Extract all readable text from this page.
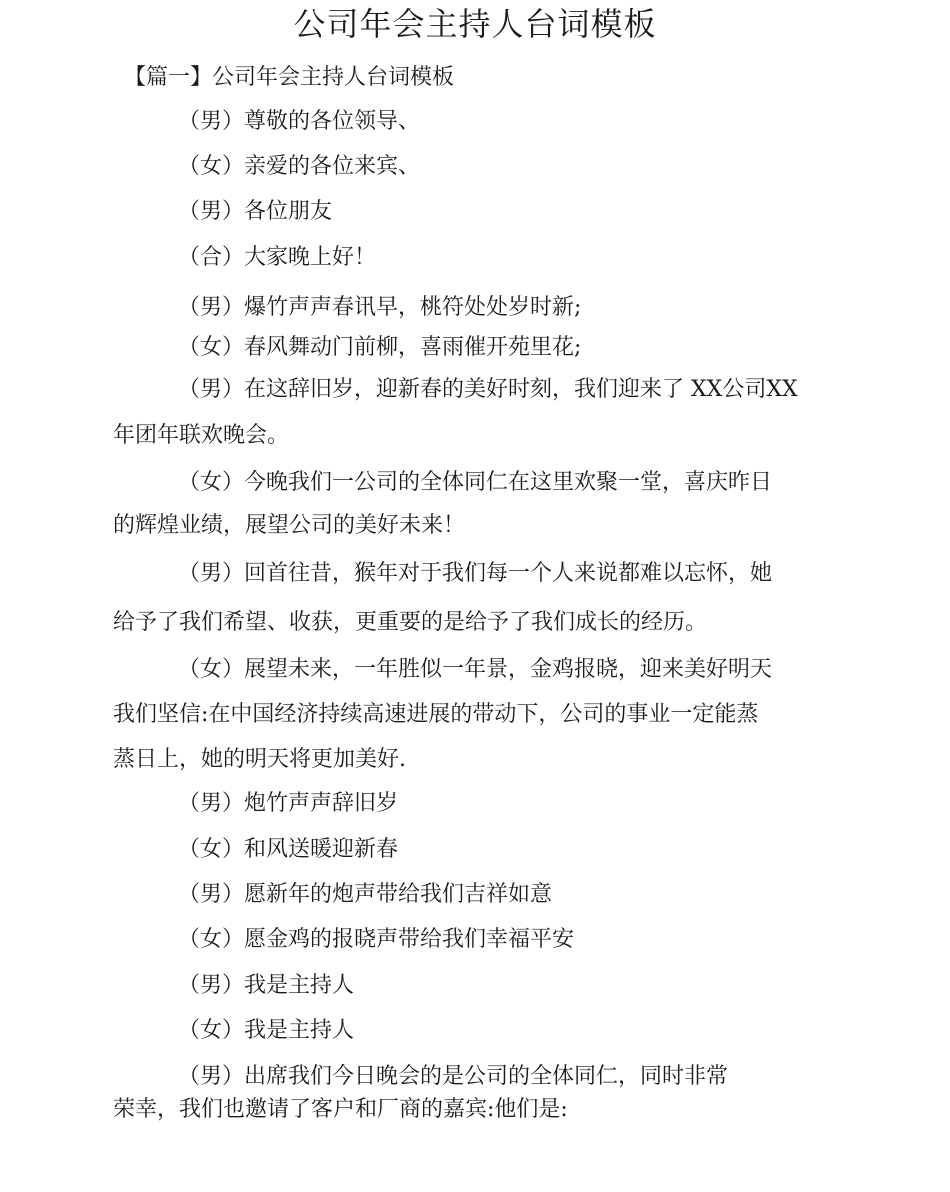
公司年会主持人台词模板
【篇一】公司年会主持人台词模板
（男）尊敬的各位领导、
（女）亲爱的各位来宾、
（男）各位朋友
（合）大家晚上好！
（男）爆竹声声春讯早，桃符处处岁时新;
（女）春风舞动门前柳，喜雨催开苑里花;
（男）在这辞旧岁，迎新春的美好时刻，我们迎来了 XX公司XX
年团年联欢晚会。
（女）今晚我们一公司的全体同仁在这里欢聚一堂，喜庆昨日
的辉煌业绩，展望公司的美好未来！
（男）回首往昔，猴年对于我们每一个人来说都难以忘怀，她
给予了我们希望、收获，更重要的是给予了我们成长的经历。
（女）展望未来，一年胜似一年景，金鸡报晓，迎来美好明天
我们坚信:在中国经济持续高速进展的带动下，公司的事业一定能蒸
蒸日上，她的明天将更加美好.
（男）炮竹声声辞旧岁
（女）和风送暖迎新春
（男）愿新年的炮声带给我们吉祥如意
（女）愿金鸡的报晓声带给我们幸福平安
（男）我是主持人
（女）我是主持人
（男）出席我们今日晚会的是公司的全体同仁，同时非常
荣幸，我们也邀请了客户和厂商的嘉宾:他们是:
